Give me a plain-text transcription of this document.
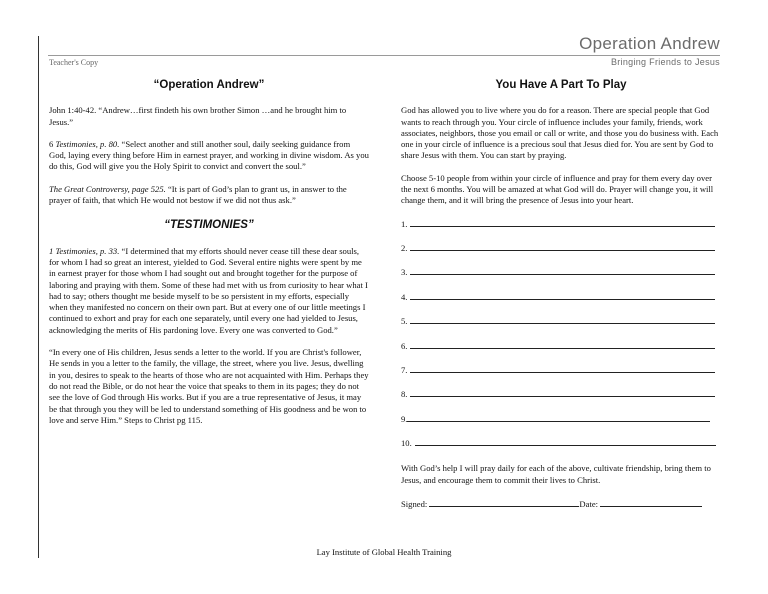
Operation Andrew
Teacher's Copy	Bringing Friends to Jesus
“Operation Andrew”

John 1:40-42. “Andrew…first findeth his own brother Simon …and he brought him to Jesus.”

6 Testimonies, p. 80. “Select another and still another soul, daily seeking guidance from God, laying every thing before Him in earnest prayer, and working in divine wisdom. As you do this, God will give you the Holy Spirit to convict and convert the soul.”

The Great Controversy, page 525. “It is part of God’s plan to grant us, in answer to the prayer of faith, that which He would not bestow if we did not thus ask.”

“TESTIMONIES”

1 Testimonies, p. 33. “I determined that my efforts should never cease till these dear souls, for whom I had so great an interest, yielded to God. Several entire nights were spent by me in earnest prayer for those whom I had sought out and brought together for the purpose of laboring and praying with them. Some of these had met with us from curiosity to hear what I had to say; others thought me beside myself to be so persistent in my efforts, especially when they manifested no concern on their own part. But at every one of our little meetings I continued to exhort and pray for each one separately, until every one had yielded to Jesus, acknowledging the merits of His pardoning love. Every one was converted to God.”

“In every one of His children, Jesus sends a letter to the world. If you are Christ's follower, He sends in you a letter to the family, the village, the street, where you live. Jesus, dwelling in you, desires to speak to the hearts of those who are not acquainted with Him. Perhaps they do not read the Bible, or do not hear the voice that speaks to them in its pages; they do not see the love of God through His works. But if you are a true representative of Jesus, it may be that through you they will be led to understand something of His goodness and be won to love and serve Him.” Steps to Christ pg 115.

You Have A Part To Play

God has allowed you to live where you do for a reason. There are special people that God wants to reach through you. Your circle of influence includes your family, friends, work associates, neighbors, those you email or call or write, and those you do business with. Each one in your circle of influence is a precious soul that Jesus died for. You are sent by God to share Jesus with them. You can start by praying.

Choose 5-10 people from within your circle of influence and pray for them every day over the next 6 months. You will be amazed at what God will do. Prayer will change you, it will change them, and it will bring the presence of Jesus into your heart.

1.
2.
3.
4.
5.
6.
7.
8.
9.
10.

With God’s help I will pray daily for each of the above, cultivate friendship, bring them to Jesus, and encourage them to commit their lives to Christ.

Signed:	Date:
Lay Institute of Global Health Training
